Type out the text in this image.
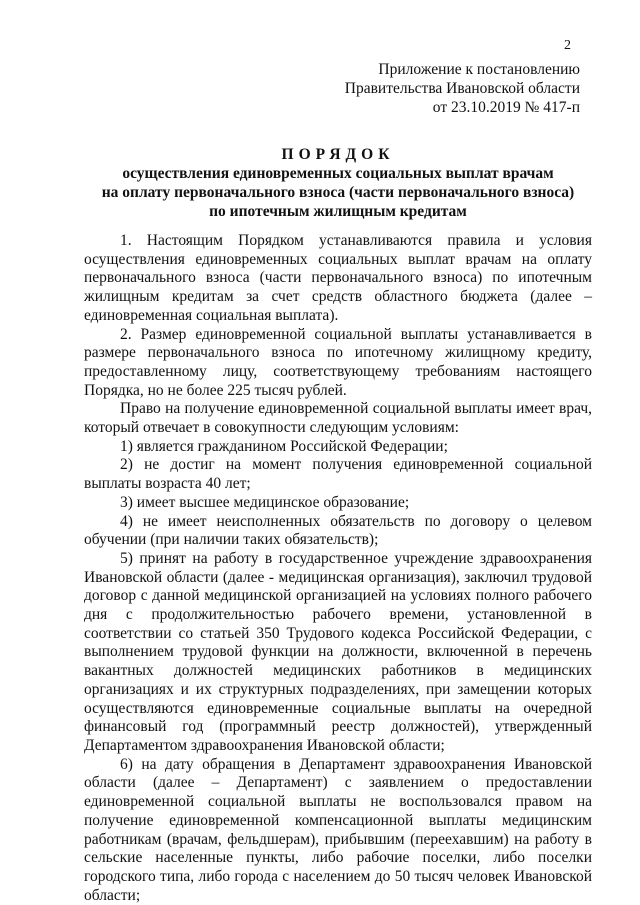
2
Приложение к постановлению
Правительства Ивановской области
от 23.10.2019 № 417-п
ПОРЯДОК
осуществления единовременных социальных выплат врачам
на оплату первоначального взноса (части первоначального взноса)
по ипотечным жилищным кредитам

1. Настоящим Порядком устанавливаются правила и условия осуществления единовременных социальных выплат врачам на оплату первоначального взноса (части первоначального взноса) по ипотечным жилищным кредитам за счет средств областного бюджета (далее – единовременная социальная выплата).

2. Размер единовременной социальной выплаты устанавливается в размере первоначального взноса по ипотечному жилищному кредиту, предоставленному лицу, соответствующему требованиям настоящего Порядка, но не более 225 тысяч рублей.

Право на получение единовременной социальной выплаты имеет врач, который отвечает в совокупности следующим условиям:

1) является гражданином Российской Федерации;

2) не достиг на момент получения единовременной социальной выплаты возраста 40 лет;

3) имеет высшее медицинское образование;

4) не имеет неисполненных обязательств по договору о целевом обучении (при наличии таких обязательств);

5) принят на работу в государственное учреждение здравоохранения Ивановской области (далее - медицинская организация), заключил трудовой договор с данной медицинской организацией на условиях полного рабочего дня с продолжительностью рабочего времени, установленной в соответствии со статьей 350 Трудового кодекса Российской Федерации, с выполнением трудовой функции на должности, включенной в перечень вакантных должностей медицинских работников в медицинских организациях и их структурных подразделениях, при замещении которых осуществляются единовременные социальные выплаты на очередной финансовый год (программный реестр должностей), утвержденный Департаментом здравоохранения Ивановской области;

6) на дату обращения в Департамент здравоохранения Ивановской области (далее – Департамент) с заявлением о предоставлении единовременной социальной выплаты не воспользовался правом на получение единовременной компенсационной выплаты медицинским работникам (врачам, фельдшерам), прибывшим (переехавшим) на работу в сельские населенные пункты, либо рабочие поселки, либо поселки городского типа, либо города с населением до 50 тысяч человек Ивановской области;
